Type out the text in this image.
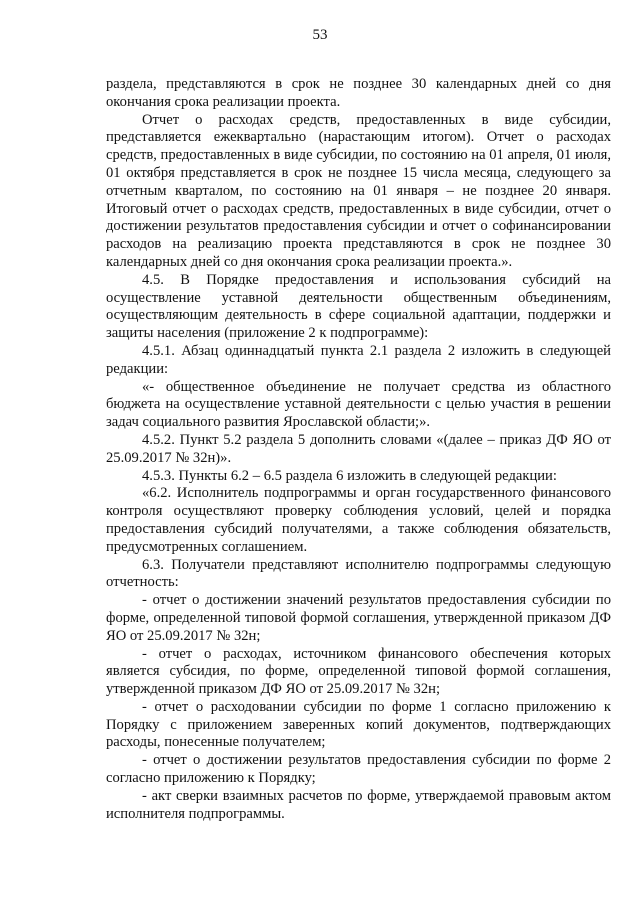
53

раздела, представляются в срок не позднее 30 календарных дней со дня окончания срока реализации проекта.

Отчет о расходах средств, предоставленных в виде субсидии, представляется ежеквартально (нарастающим итогом). Отчет о расходах средств, предоставленных в виде субсидии, по состоянию на 01 апреля, 01 июля, 01 октября представляется в срок не позднее 15 числа месяца, следующего за отчетным кварталом, по состоянию на 01 января – не позднее 20 января. Итоговый отчет о расходах средств, предоставленных в виде субсидии, отчет о достижении результатов предоставления субсидии и отчет о софинансировании расходов на реализацию проекта представляются в срок не позднее 30 календарных дней со дня окончания срока реализации проекта.».

4.5. В Порядке предоставления и использования субсидий на осуществление уставной деятельности общественным объединениям, осуществляющим деятельность в сфере социальной адаптации, поддержки и защиты населения (приложение 2 к подпрограмме):

4.5.1. Абзац одиннадцатый пункта 2.1 раздела 2 изложить в следующей редакции:

«- общественное объединение не получает средства из областного бюджета на осуществление уставной деятельности с целью участия в решении задач социального развития Ярославской области;».

4.5.2. Пункт 5.2 раздела 5 дополнить словами «(далее – приказ ДФ ЯО от 25.09.2017 № 32н)».

4.5.3. Пункты 6.2 – 6.5 раздела 6 изложить в следующей редакции:

«6.2. Исполнитель подпрограммы и орган государственного финансового контроля осуществляют проверку соблюдения условий, целей и порядка предоставления субсидий получателями, а также соблюдения обязательств, предусмотренных соглашением.

6.3. Получатели представляют исполнителю подпрограммы следующую отчетность:

- отчет о достижении значений результатов предоставления субсидии по форме, определенной типовой формой соглашения, утвержденной приказом ДФ ЯО от 25.09.2017 № 32н;

- отчет о расходах, источником финансового обеспечения которых является субсидия, по форме, определенной типовой формой соглашения, утвержденной приказом ДФ ЯО от 25.09.2017 № 32н;

- отчет о расходовании субсидии по форме 1 согласно приложению к Порядку с приложением заверенных копий документов, подтверждающих расходы, понесенные получателем;

- отчет о достижении результатов предоставления субсидии по форме 2 согласно приложению к Порядку;

- акт сверки взаимных расчетов по форме, утверждаемой правовым актом исполнителя подпрограммы.
